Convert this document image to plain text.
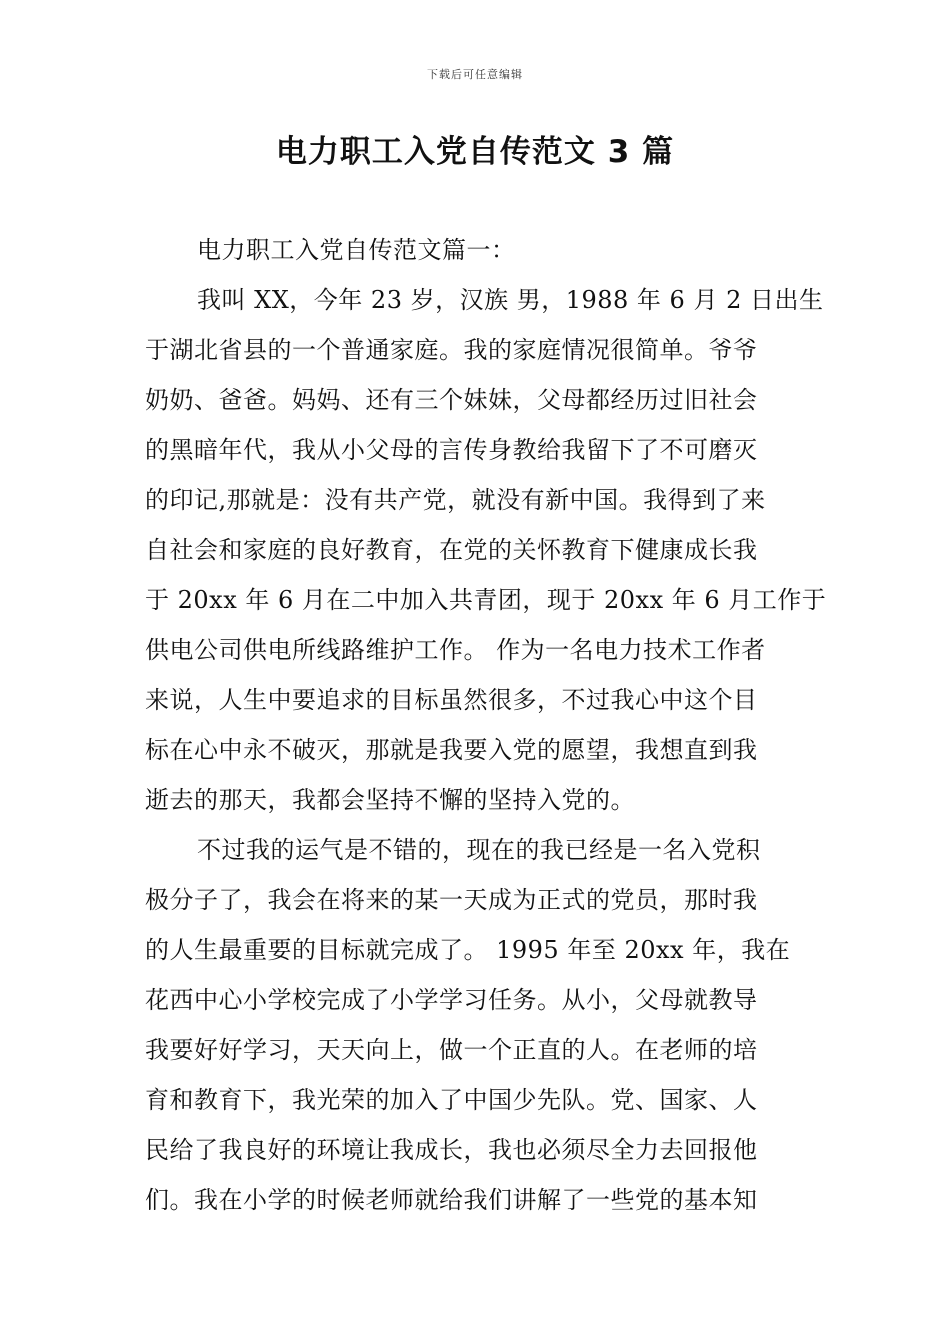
下载后可任意编辑
电力职工入党自传范文 3 篇

电力职工入党自传范文篇一：

我叫 XX，今年 23 岁，汉族 男，1988 年 6 月 2 日出生
于湖北省县的一个普通家庭。我的家庭情况很简单。爷爷
奶奶、爸爸。妈妈、还有三个妹妹，父母都经历过旧社会
的黑暗年代，我从小父母的言传身教给我留下了不可磨灭
的印记,那就是：没有共产党，就没有新中国。我得到了来
自社会和家庭的良好教育，在党的关怀教育下健康成长我
于 20xx 年 6 月在二中加入共青团，现于 20xx 年 6 月工作于
供电公司供电所线路维护工作。 作为一名电力技术工作者
来说，人生中要追求的目标虽然很多，不过我心中这个目
标在心中永不破灭，那就是我要入党的愿望，我想直到我
逝去的那天，我都会坚持不懈的坚持入党的。

不过我的运气是不错的，现在的我已经是一名入党积
极分子了，我会在将来的某一天成为正式的党员，那时我
的人生最重要的目标就完成了。 1995 年至 20xx 年，我在
花西中心小学校完成了小学学习任务。从小，父母就教导
我要好好学习，天天向上，做一个正直的人。在老师的培
育和教育下，我光荣的加入了中国少先队。党、国家、人
民给了我良好的环境让我成长，我也必须尽全力去回报他
们。我在小学的时候老师就给我们讲解了一些党的基本知
